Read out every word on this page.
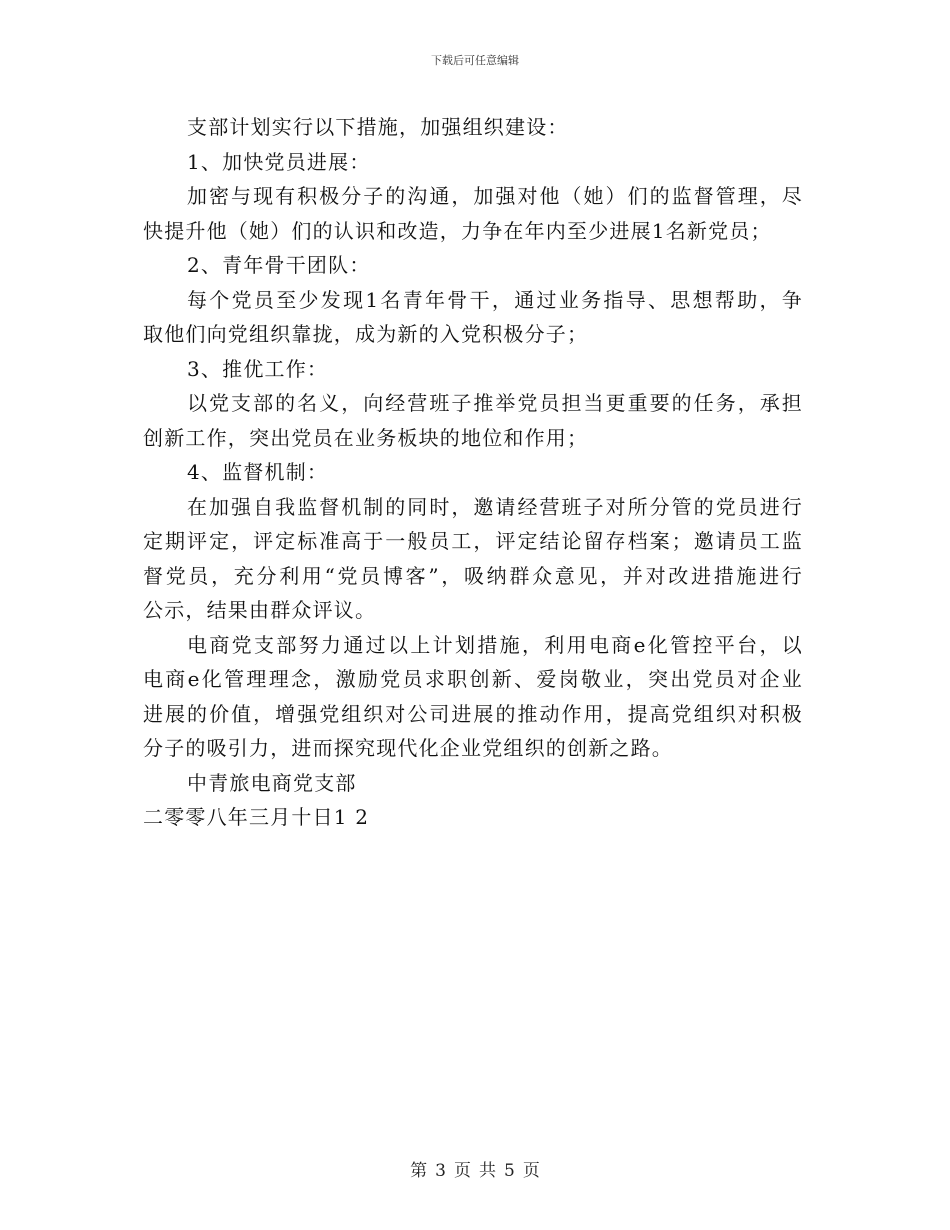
下载后可任意编辑
支部计划实行以下措施，加强组织建设：
1、加快党员进展：
加密与现有积极分子的沟通，加强对他（她）们的监督管理，尽
快提升他（她）们的认识和改造，力争在年内至少进展1名新党员；
2、青年骨干团队：
每个党员至少发现1名青年骨干，通过业务指导、思想帮助，争
取他们向党组织靠拢，成为新的入党积极分子；
3、推优工作：
以党支部的名义，向经营班子推举党员担当更重要的任务，承担
创新工作，突出党员在业务板块的地位和作用；
4、监督机制：
在加强自我监督机制的同时，邀请经营班子对所分管的党员进行
定期评定，评定标准高于一般员工，评定结论留存档案；邀请员工监
督党员，充分利用“党员博客”，吸纳群众意见，并对改进措施进行
公示，结果由群众评议。
电商党支部努力通过以上计划措施，利用电商e化管控平台，以
电商e化管理理念，激励党员求职创新、爱岗敬业，突出党员对企业
进展的价值，增强党组织对公司进展的推动作用，提高党组织对积极
分子的吸引力，进而探究现代化企业党组织的创新之路。
中青旅电商党支部
二零零八年三月十日1 2
第 3 页 共 5 页
